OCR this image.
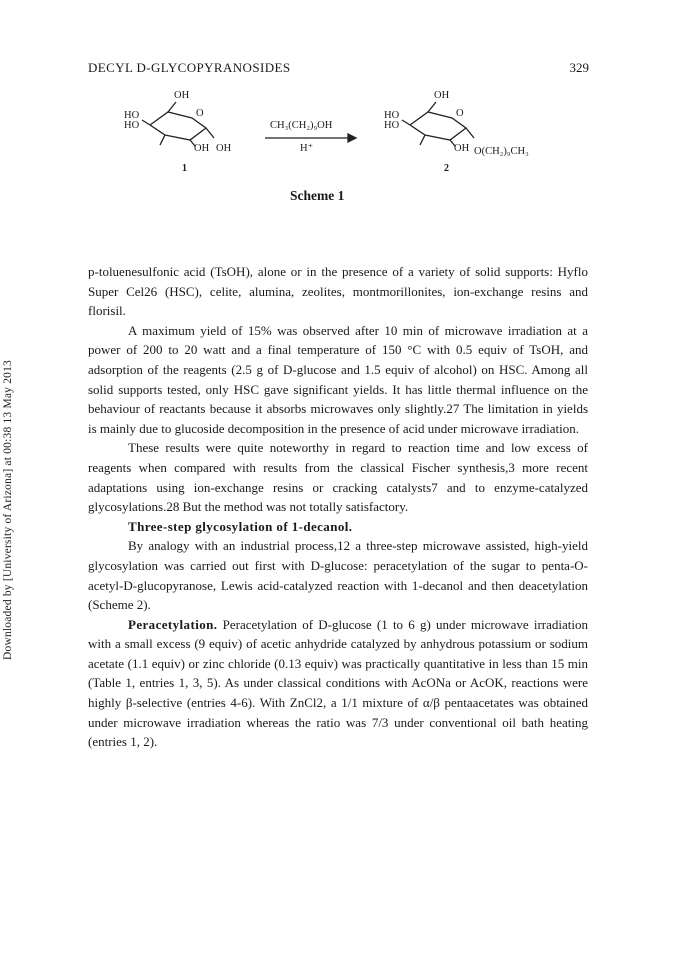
Downloaded by [University of Arizona] at 00:38 13 May 2013
DECYL D-GLYCOPYRANOSIDES	329
OH
HO
HO
O
OH OH
1
CH₃(CH₂)₉OH
H⁺
OH
HO
HO
O
OH O(CH₂)₉CH₃
2
Scheme 1

p-toluenesulfonic acid (TsOH), alone or in the presence of a variety of solid supports: Hyflo Super Cel26 (HSC), celite, alumina, zeolites, montmorillonites, ion-exchange resins and florisil.

A maximum yield of 15% was observed after 10 min of microwave irradiation at a power of 200 to 20 watt and a final temperature of 150 °C with 0.5 equiv of TsOH, and adsorption of the reagents (2.5 g of D-glucose and 1.5 equiv of alcohol) on HSC. Among all solid supports tested, only HSC gave significant yields. It has little thermal influence on the behaviour of reactants because it absorbs microwaves only slightly.27 The limitation in yields is mainly due to glucoside decomposition in the presence of acid under microwave irradiation.

These results were quite noteworthy in regard to reaction time and low excess of reagents when compared with results from the classical Fischer synthesis,3 more recent adaptations using ion-exchange resins or cracking catalysts7 and to enzyme-catalyzed glycosylations.28 But the method was not totally satisfactory.

Three-step glycosylation of 1-decanol.

By analogy with an industrial process,12 a three-step microwave assisted, high-yield glycosylation was carried out first with D-glucose: peracetylation of the sugar to penta-O-acetyl-D-glucopyranose, Lewis acid-catalyzed reaction with 1-decanol and then deacetylation (Scheme 2).

Peracetylation. Peracetylation of D-glucose (1 to 6 g) under microwave irradiation with a small excess (9 equiv) of acetic anhydride catalyzed by anhydrous potassium or sodium acetate (1.1 equiv) or zinc chloride (0.13 equiv) was practically quantitative in less than 15 min (Table 1, entries 1, 3, 5). As under classical conditions with AcONa or AcOK, reactions were highly β-selective (entries 4-6). With ZnCl2, a 1/1 mixture of α/β pentaacetates was obtained under microwave irradiation whereas the ratio was 7/3 under conventional oil bath heating (entries 1, 2).
